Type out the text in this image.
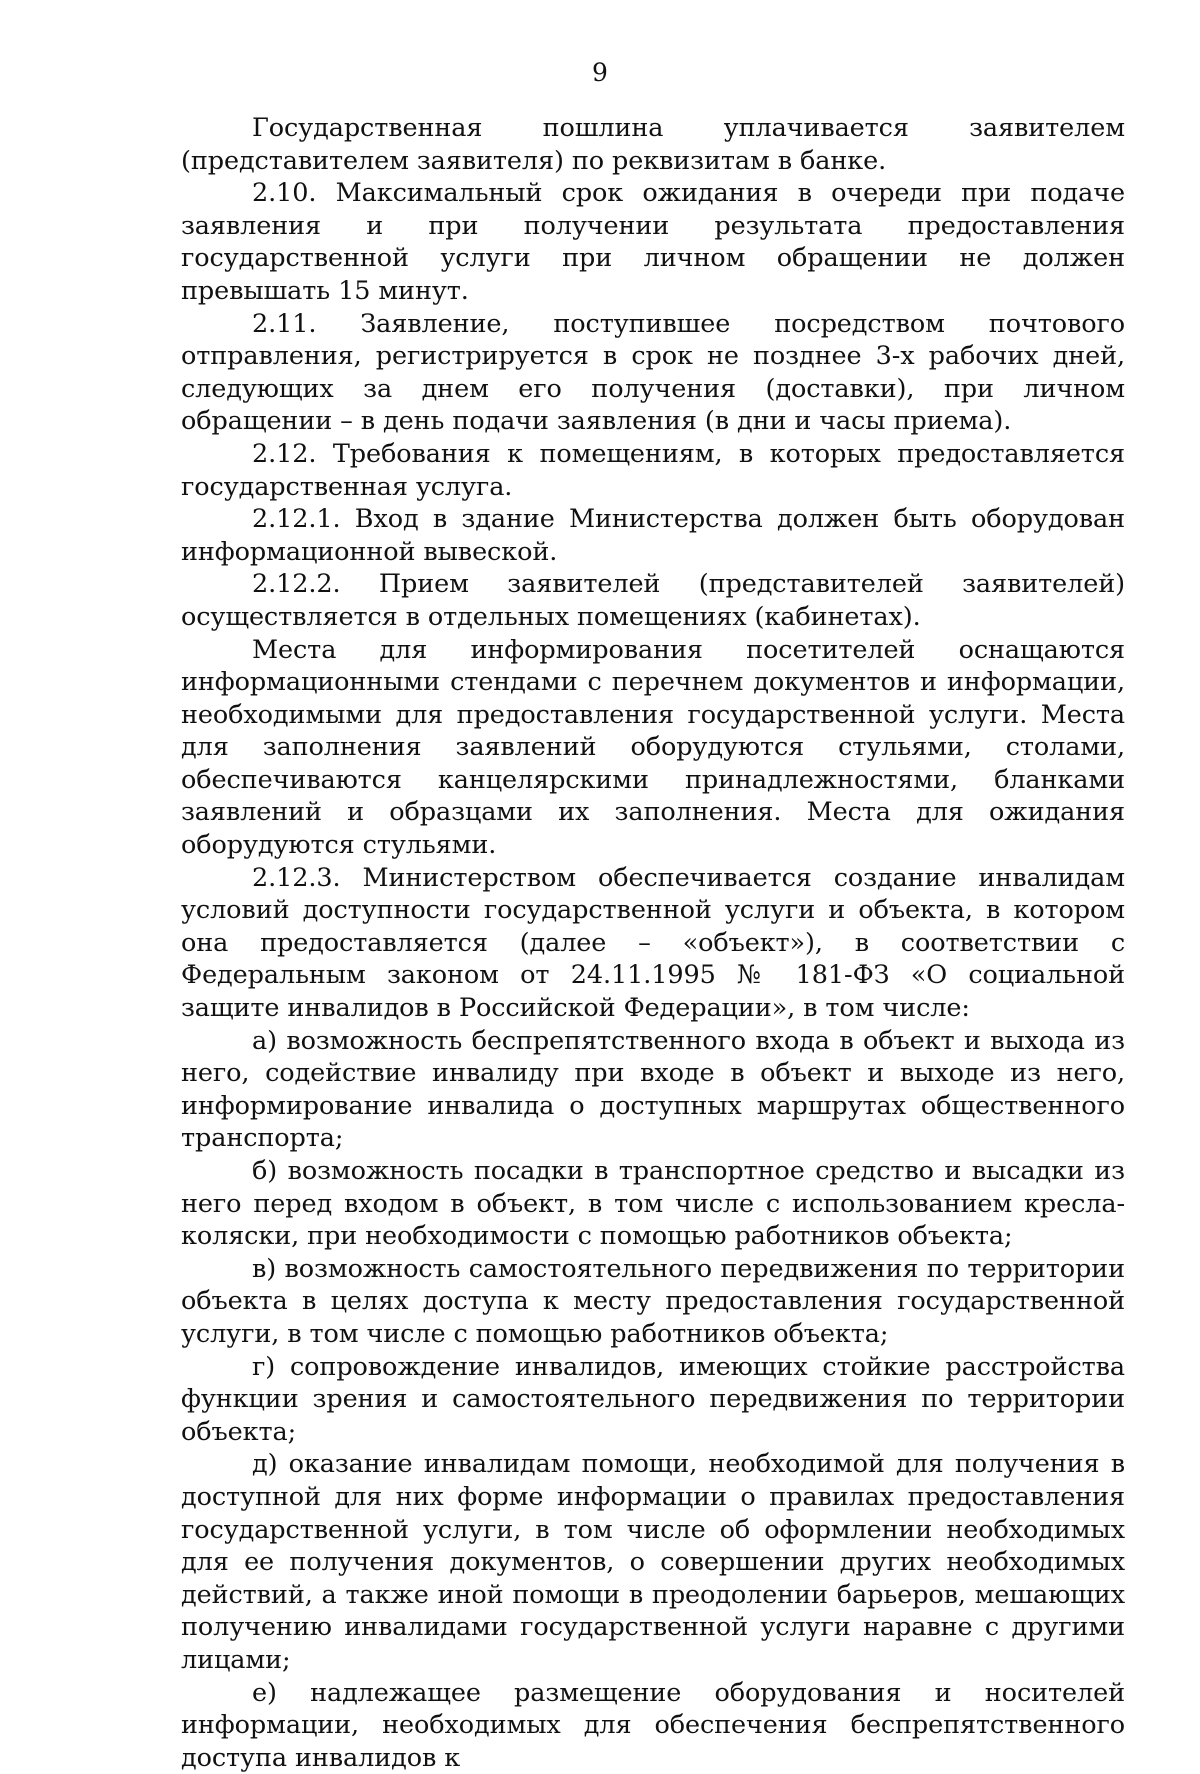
9

Государственная пошлина уплачивается заявителем (представителем заявителя) по реквизитам в банке.

2.10. Максимальный срок ожидания в очереди при подаче заявления и при получении результата предоставления государственной услуги при личном обращении не должен превышать 15 минут.

2.11. Заявление, поступившее посредством почтового отправления, регистрируется в срок не позднее 3-х рабочих дней, следующих за днем его получения (доставки), при личном обращении – в день подачи заявления (в дни и часы приема).

2.12. Требования к помещениям, в которых предоставляется государственная услуга.

2.12.1. Вход в здание Министерства должен быть оборудован информационной вывеской.

2.12.2. Прием заявителей (представителей заявителей) осуществляется в отдельных помещениях (кабинетах).

Места для информирования посетителей оснащаются информационными стендами с перечнем документов и информации, необходимыми для предоставления государственной услуги. Места для заполнения заявлений оборудуются стульями, столами, обеспечиваются канцелярскими принадлежностями, бланками заявлений и образцами их заполнения. Места для ожидания оборудуются стульями.

2.12.3. Министерством обеспечивается создание инвалидам условий доступности государственной услуги и объекта, в котором она предоставляется (далее – «объект»), в соответствии с Федеральным законом от 24.11.1995 № 181-ФЗ «О социальной защите инвалидов в Российской Федерации», в том числе:

а) возможность беспрепятственного входа в объект и выхода из него, содействие инвалиду при входе в объект и выходе из него, информирование инвалида о доступных маршрутах общественного транспорта;

б) возможность посадки в транспортное средство и высадки из него перед входом в объект, в том числе с использованием кресла-коляски, при необходимости с помощью работников объекта;

в) возможность самостоятельного передвижения по территории объекта в целях доступа к месту предоставления государственной услуги, в том числе с помощью работников объекта;

г) сопровождение инвалидов, имеющих стойкие расстройства функции зрения и самостоятельного передвижения по территории объекта;

д) оказание инвалидам помощи, необходимой для получения в доступной для них форме информации о правилах предоставления государственной услуги, в том числе об оформлении необходимых для ее получения документов, о совершении других необходимых действий, а также иной помощи в преодолении барьеров, мешающих получению инвалидами государственной услуги наравне с другими лицами;

е) надлежащее размещение оборудования и носителей информации, необходимых для обеспечения беспрепятственного доступа инвалидов к
